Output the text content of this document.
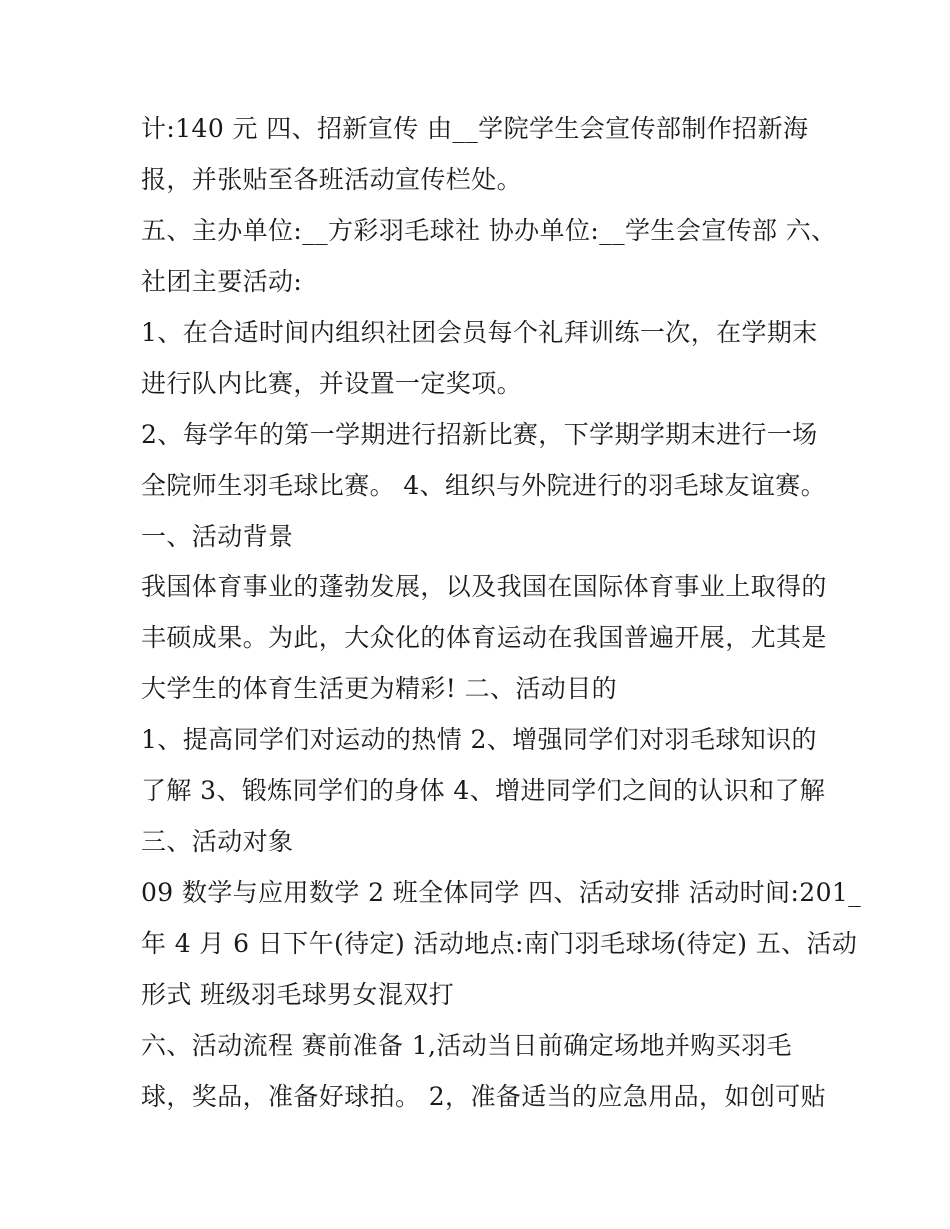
计:140 元 四、招新宣传 由__学院学生会宣传部制作招新海
报，并张贴至各班活动宣传栏处。
五、主办单位:__方彩羽毛球社 协办单位:__学生会宣传部 六、
社团主要活动:
1、在合适时间内组织社团会员每个礼拜训练一次，在学期末
进行队内比赛，并设置一定奖项。
2、每学年的第一学期进行招新比赛，下学期学期末进行一场
全院师生羽毛球比赛。 4、组织与外院进行的羽毛球友谊赛。
一、活动背景
我国体育事业的蓬勃发展，以及我国在国际体育事业上取得的
丰硕成果。为此，大众化的体育运动在我国普遍开展，尤其是
大学生的体育生活更为精彩! 二、活动目的
1、提高同学们对运动的热情 2、增强同学们对羽毛球知识的
了解 3、锻炼同学们的身体 4、增进同学们之间的认识和了解
三、活动对象
09 数学与应用数学 2 班全体同学 四、活动安排 活动时间:201_
年 4 月 6 日下午(待定) 活动地点:南门羽毛球场(待定) 五、活动
形式 班级羽毛球男女混双打
六、活动流程 赛前准备 1,活动当日前确定场地并购买羽毛
球，奖品，准备好球拍。 2，准备适当的应急用品，如创可贴
